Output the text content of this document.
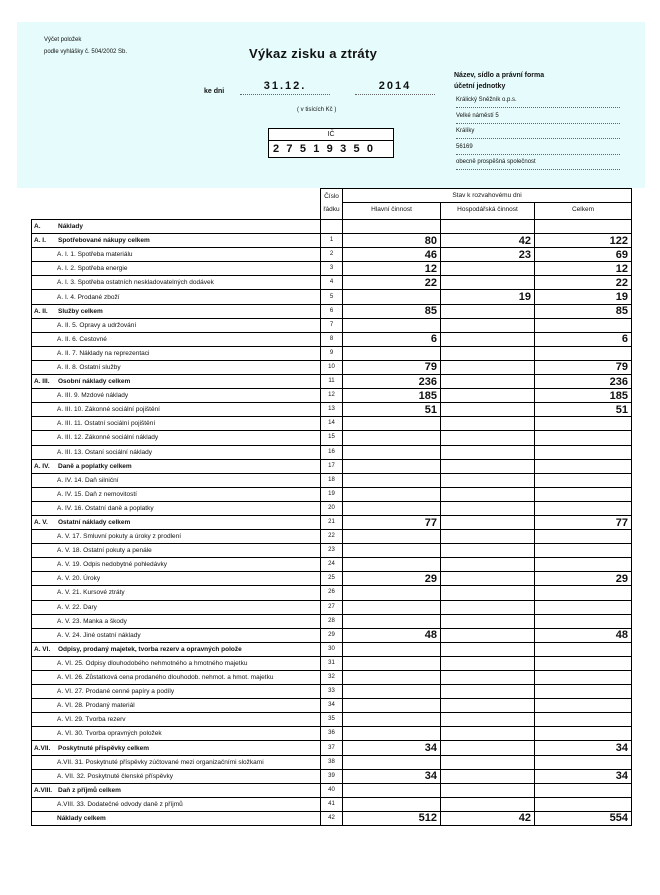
Výčet položek
podle vyhlášky č. 504/2002 Sb.	Výkaz zisku a ztráty
ke dni	31.12.	2014
( v tisících Kč )
IČ
27519350
Název, sídlo a právní forma
účetní jednotky
Králický Sněžník o.p.s.
Velké náměstí 5
Králíky
56169
obecně prospěšná společnost

	Číslo
řádku	Stav k rozvahovému dni		
		Hlavní činnost	Hospodářská činnost	Celkem
A. Náklady				
A. I. Spotřebované nákupy celkem	1	80	42	122
A. I. 1. Spotřeba materiálu	2	46	23	69
A. I. 2. Spotřeba energie	3	12		12
A. I. 3. Spotřeba ostatních neskladovatelných dodávek	4	22		22
A. I. 4. Prodané zboží	5		19	19
A. II. Služby celkem	6	85		85
A. II. 5. Opravy a udržování	7			
A. II. 6. Cestovné	8	6		6
A. II. 7. Náklady na reprezentaci	9			
A. II. 8. Ostatní služby	10	79		79
A. III. Osobní náklady celkem	11	236		236
A. III. 9. Mzdové náklady	12	185		185
A. III. 10. Zákonné sociální pojištění	13	51		51
A. III. 11. Ostatní sociální pojištění	14			
A. III. 12. Zákonné sociální náklady	15			
A. III. 13. Ostaní sociální náklady	16			
A. IV. Daně a poplatky celkem	17			
A. IV. 14. Daň silniční	18			
A. IV. 15. Daň z nemovitostí	19			
A. IV. 16. Ostatní daně a poplatky	20			
A. V. Ostatní náklady celkem	21	77		77
A. V. 17. Smluvní pokuty a úroky z prodlení	22			
A. V. 18. Ostatní pokuty a penále	23			
A. V. 19. Odpis nedobytné pohledávky	24			
A. V. 20. Úroky	25	29		29
A. V. 21. Kursové ztráty	26			
A. V. 22. Dary	27			
A. V. 23. Manka a škody	28			
A. V. 24. Jiné ostatní náklady	29	48		48
A. VI. Odpisy, prodaný majetek, tvorba rezerv a opravných polože	30			
A. VI. 25. Odpisy dlouhodobého nehmotného a hmotného majetku	31			
A. VI. 26. Zůstatková cena prodaného dlouhodob. nehmot. a hmot. majetku	32			
A. VI. 27. Prodané cenné papíry a podíly	33			
A. VI. 28. Prodaný materiál	34			
A. VI. 29. Tvorba rezerv	35			
A. VI. 30. Tvorba opravných položek	36			
A.VII. Poskytnuté příspěvky celkem	37	34		34
A.VII. 31. Poskytnuté příspěvky zúčtované mezi organizačními složkami	38			
A. VII. 32. Poskytnuté členské příspěvky	39	34		34
A.VIII. Daň z příjmů celkem	40			
A.VIII. 33. Dodatečné odvody daně z příjmů	41			
Náklady celkem	42	512	42	554
